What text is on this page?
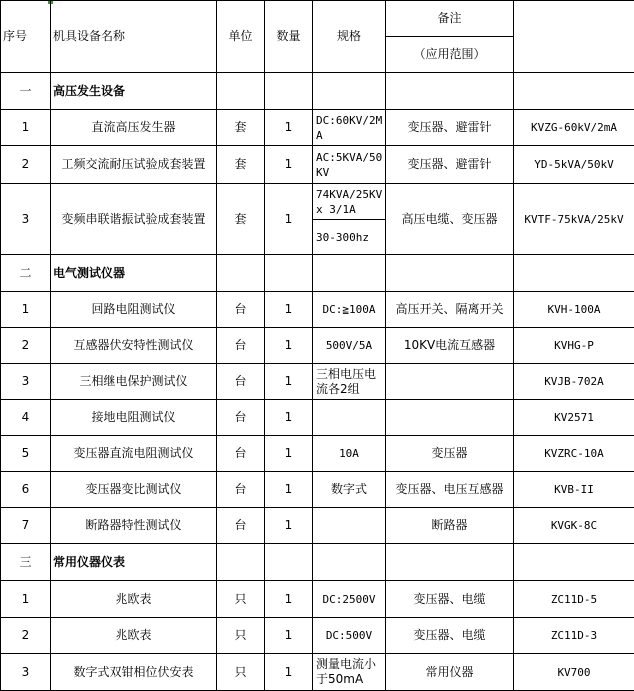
序号	机具设备名称	单位	数量	规格	备注	
					（应用范围）	
一	高压发生设备					
1	直流高压发生器	套	1	DC:60KV/2MA	变压器、避雷针	KVZG-60kV/2mA
2	工频交流耐压试验成套装置	套	1	AC:5KVA/50KV	变压器、避雷针	YD-5kVA/50kV
3	变频串联谐振试验成套装置	套	1	74KVA/25KV x 3/1A	高压电缆、变压器	KVTF-75kVA/25kV
				30-300hz		
二	电气测试仪器					
1	回路电阻测试仪	台	1	DC:≧100A	高压开关、隔离开关	KVH-100A
2	互感器伏安特性测试仪	台	1	500V/5A	10KV电流互感器	KVHG-P
3	三相继电保护测试仪	台	1	三相电压电流各2组		KVJB-702A
4	接地电阻测试仪	台	1			KV2571
5	变压器直流电阻测试仪	台	1	10A	变压器	KVZRC-10A
6	变压器变比测试仪	台	1	数字式	变压器、电压互感器	KVB-II
7	断路器特性测试仪	台	1		断路器	KVGK-8C
三	常用仪器仪表					
1	兆欧表	只	1	DC:2500V	变压器、电缆	ZC11D-5
2	兆欧表	只	1	DC:500V	变压器、电缆	ZC11D-3
3	数字式双钳相位伏安表	只	1	测量电流小于50mA	常用仪器	KV700
